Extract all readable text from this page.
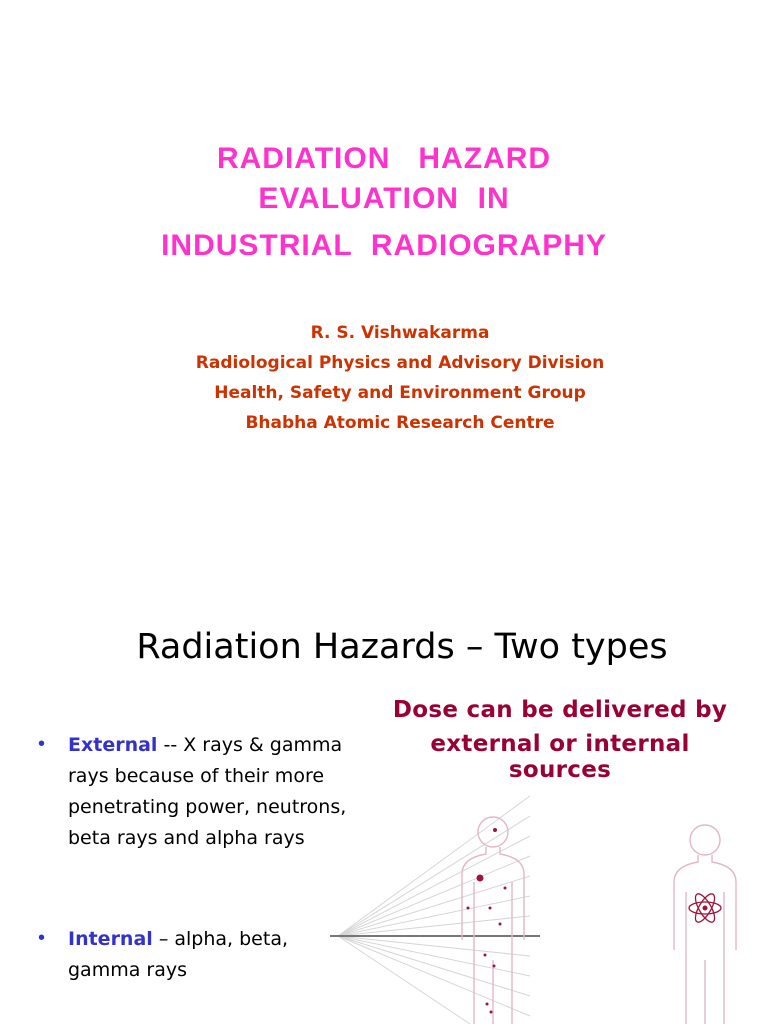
RADIATION   HAZARD
EVALUATION  IN
INDUSTRIAL  RADIOGRAPHY
R. S. Vishwakarma
Radiological Physics and Advisory Division
Health, Safety and Environment Group
Bhabha Atomic Research Centre
Radiation Hazards – Two types
Dose can be delivered by
external or internal sources
• External -- X rays & gamma rays because of their more penetrating power, neutrons, beta rays and alpha rays
• Internal – alpha, beta, gamma rays
